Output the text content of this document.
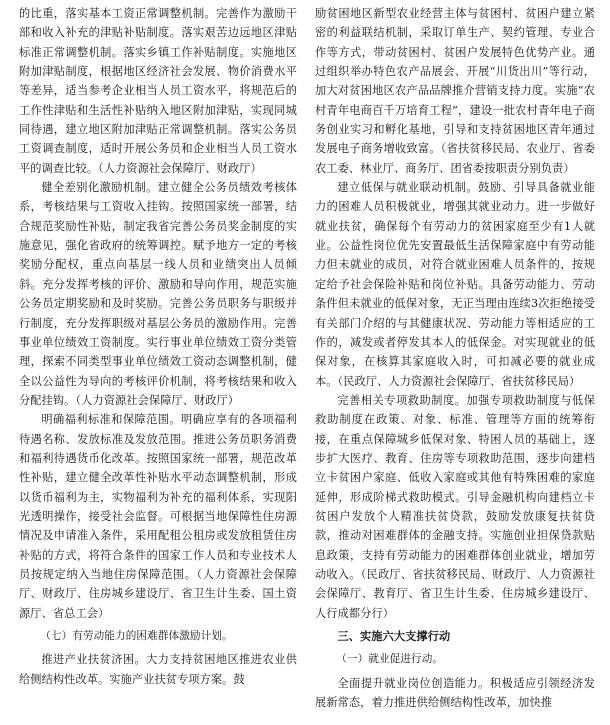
的比重，落实基本工资正常调整机制。完善作为激励干部和收入补充的津贴补贴制度。落实艰苦边远地区津贴标准正常调整机制。落实乡镇工作补贴制度。实施地区附加津贴制度，根据地区经济社会发展、物价消费水平等差异，适当参考企业相当人员工资水平，将规范后的工作性津贴和生活性补贴纳入地区附加津贴，实现同城同待遇，建立地区附加津贴正常调整机制。落实公务员工资调查制度，适时开展公务员和企业相当人员工资水平的调查比较。（人力资源社会保障厅、财政厅）

健全差别化激励机制。建立健全公务员绩效考核体系，考核结果与工资收入挂钩。按照国家统一部署，结合规范奖励性补贴，制定我省完善公务员奖金制度的实施意见，强化省政府的统筹调控。赋予地方一定的考核奖励分配权，重点向基层一线人员和业绩突出人员倾斜。充分发挥考核的评价、激励和导向作用，规范实施公务员定期奖励和及时奖励。完善公务员职务与职级并行制度，充分发挥职级对基层公务员的激励作用。完善事业单位绩效工资制度。实行事业单位绩效工资分类管理，探索不同类型事业单位绩效工资动态调整机制，健全以公益性为导向的考核评价机制，将考核结果和收入分配挂钩。（人力资源社会保障厅、财政厅）

明确福利标准和保障范围。明确应享有的各项福利待遇名称、发放标准及发放范围。推进公务员职务消费和福利待遇货币化改革。按照国家统一部署，规范改革性补贴，建立健全改革性补贴水平动态调整机制，形成以货币福利为主，实物福利为补充的福利体系，实现阳光透明操作，接受社会监督。可根据当地保障性住房源情况及申请准入条件，采用配租公租房或发放租赁住房补贴的方式，将符合条件的国家工作人员和专业技术人员按规定纳入当地住房保障范围。（人力资源社会保障厅、财政厅、住房城乡建设厅、省卫生计生委、国土资源厅、省总工会）

（七）有劳动能力的困难群体激励计划。

推进产业扶贫济困。大力支持贫困地区推进农业供给侧结构性改革。实施产业扶贫专项方案。鼓

励贫困地区新型农业经营主体与贫困村、贫困户建立紧密的利益联结机制，采取订单生产、契约管理、专业合作等方式，带动贫困村、贫困户发展特色优势产业。通过组织举办特色农产品展会、开展“川货出川”等行动，加大对贫困地区农产品品牌推介营销支持力度。实施“农村青年电商百千万培育工程”，建设一批农村青年电子商务创业实习和孵化基地，引导和支持贫困地区青年通过发展电子商务增收致富。（省扶贫移民局、农业厅、省委农工委、林业厅、商务厅、团省委按职责分别负责）

建立低保与就业联动机制。鼓励、引导具备就业能力的困难人员积极就业，增强其就业动力。进一步做好就业扶贫，确保每个有劳动力的贫困家庭至少有1人就业。公益性岗位优先安置最低生活保障家庭中有劳动能力但未就业的成员，对符合就业困难人员条件的，按规定给予社会保险补贴和岗位补贴。具备劳动能力、劳动条件但未就业的低保对象，无正当理由连续3次拒绝接受有关部门介绍的与其健康状况、劳动能力等相适应的工作的，减发或者停发其本人的低保金。对实现就业的低保对象，在核算其家庭收入时，可扣减必要的就业成本。（民政厅、人力资源社会保障厅、省扶贫移民局）

完善相关专项救助制度。加强专项救助制度与低保救助制度在政策、对象、标准、管理等方面的统筹衔接，在重点保障城乡低保对象、特困人员的基础上，逐步扩大医疗、教育、住房等专项救助范围，逐步向建档立卡贫困户家庭、低收入家庭或其他有特殊困难的家庭延伸，形成阶梯式救助模式。引导金融机构向建档立卡贫困户发放个人精准扶贫贷款，鼓励发放康复扶贫贷款，推动对困难群体的金融支持。实施创业担保贷款贴息政策，支持有劳动能力的困难群体创业就业，增加劳动收入。（民政厅、省扶贫移民局、财政厅、人力资源社会保障厅、教育厅、省卫生计生委、住房城乡建设厅、人行成都分行）

三、实施六大支撑行动

（一）就业促进行动。

全面提升就业岗位创造能力。积极适应引领经济发展新常态，着力推进供给侧结构性改革，加快推
